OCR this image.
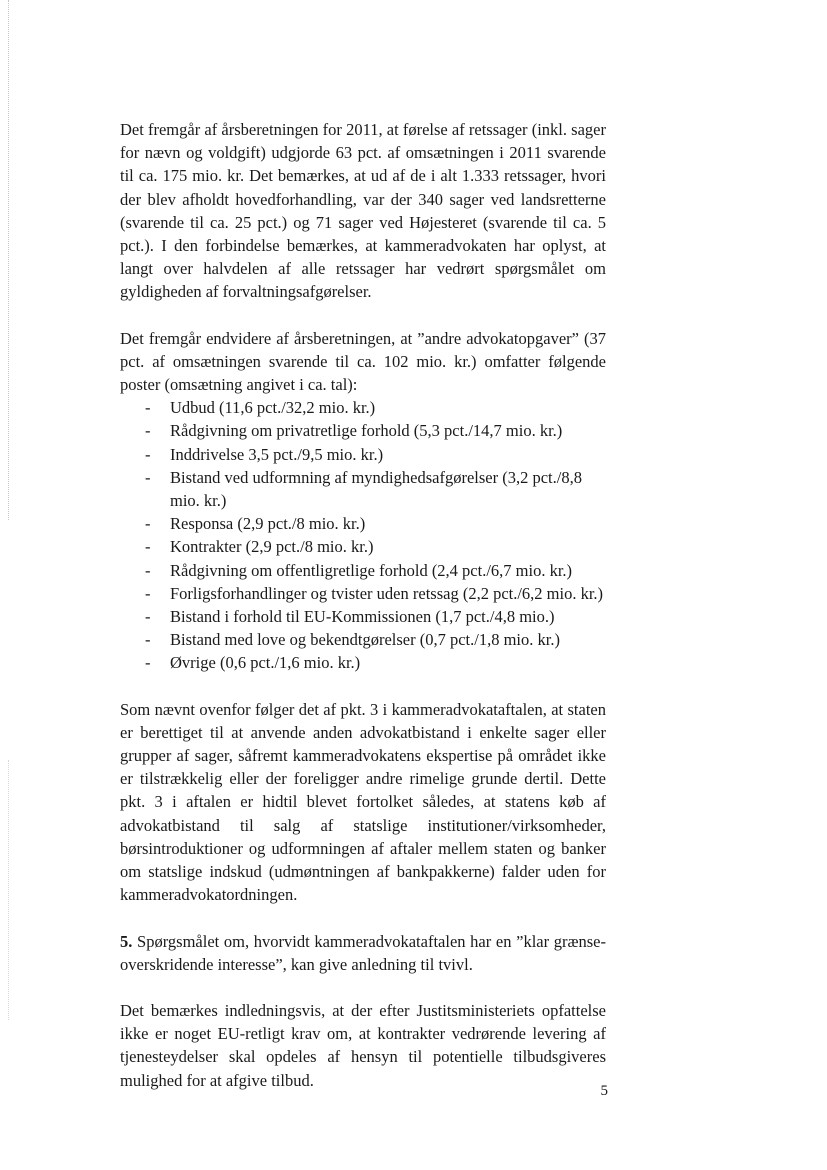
Det fremgår af årsberetningen for 2011, at førelse af retssager (inkl. sager for nævn og voldgift) udgjorde 63 pct. af omsætningen i 2011 svarende til ca. 175 mio. kr. Det bemærkes, at ud af de i alt 1.333 retssager, hvori der blev afholdt hovedforhandling, var der 340 sager ved landsretterne (svarende til ca. 25 pct.) og 71 sager ved Højesteret (svarende til ca. 5 pct.). I den forbindelse bemærkes, at kammeradvokaten har oplyst, at langt over halvdelen af alle retssager har vedrørt spørgsmålet om gyldigheden af forvaltningsafgørelser.

Det fremgår endvidere af årsberetningen, at ”andre advokatopgaver” (37 pct. af omsætningen svarende til ca. 102 mio. kr.) omfatter følgende poster (omsætning angivet i ca. tal):

- Udbud (11,6 pct./32,2 mio. kr.)
- Rådgivning om privatretlige forhold (5,3 pct./14,7 mio. kr.)
- Inddrivelse 3,5 pct./9,5 mio. kr.)
- Bistand ved udformning af myndighedsafgørelser (3,2 pct./8,8 mio. kr.)
- Responsa (2,9 pct./8 mio. kr.)
- Kontrakter (2,9 pct./8 mio. kr.)
- Rådgivning om offentligretlige forhold (2,4 pct./6,7 mio. kr.)
- Forligsforhandlinger og tvister uden retssag (2,2 pct./6,2 mio. kr.)
- Bistand i forhold til EU-Kommissionen (1,7 pct./4,8 mio.)
- Bistand med love og bekendtgørelser (0,7 pct./1,8 mio. kr.)
- Øvrige (0,6 pct./1,6 mio. kr.)

Som nævnt ovenfor følger det af pkt. 3 i kammeradvokataftalen, at staten er berettiget til at anvende anden advokatbistand i enkelte sager eller grupper af sager, såfremt kammeradvokatens ekspertise på området ikke er tilstrækkelig eller der foreligger andre rimelige grunde dertil. Dette pkt. 3 i aftalen er hidtil blevet fortolket således, at statens køb af advokatbistand til salg af statslige institutioner/virksomheder, børsintroduktioner og udformningen af aftaler mellem staten og banker om statslige indskud (udmøntningen af bankpakkerne) falder uden for kammeradvokatordningen.

5. Spørgsmålet om, hvorvidt kammeradvokataftalen har en ”klar grænseoverskridende interesse”, kan give anledning til tvivl.

Det bemærkes indledningsvis, at der efter Justitsministeriets opfattelse ikke er noget EU-retligt krav om, at kontrakter vedrørende levering af tjenesteydelser skal opdeles af hensyn til potentielle tilbudsgiveres mulighed for at afgive tilbud.

5
